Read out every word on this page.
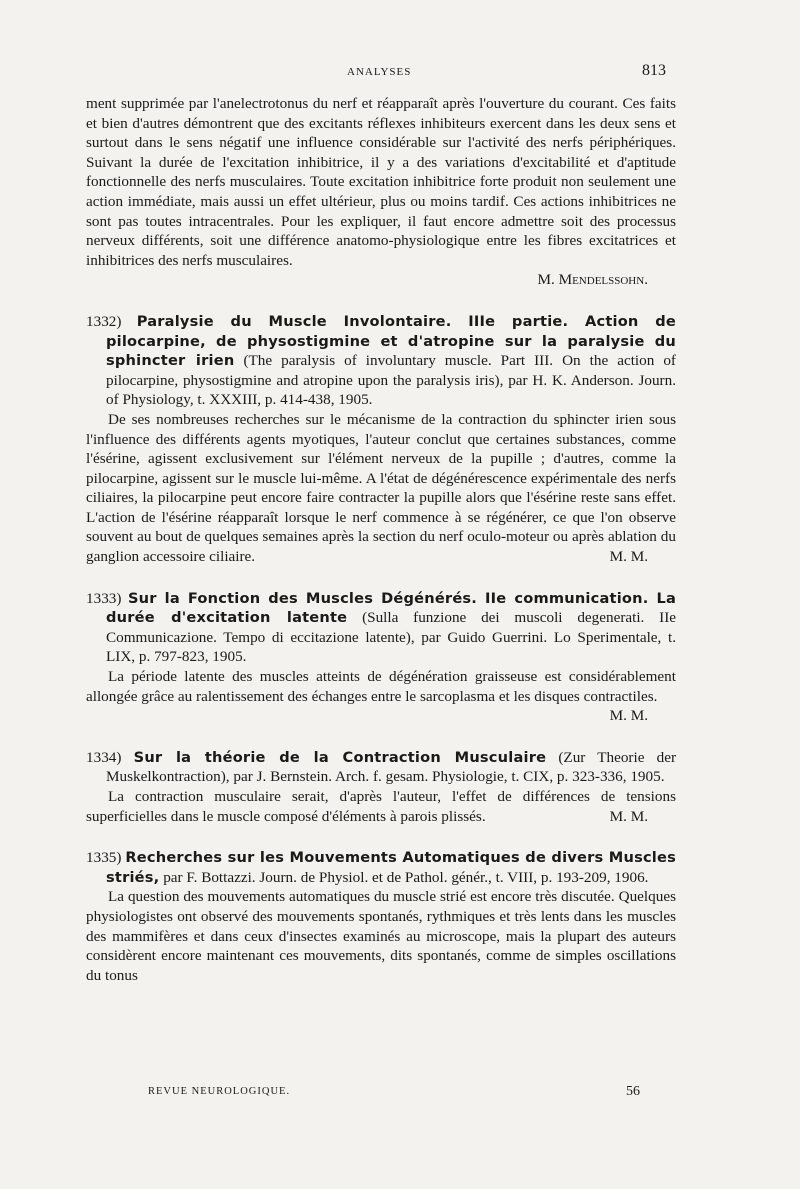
ANALYSES	813

ment supprimée par l'anelectrotonus du nerf et réapparaît après l'ouverture du courant. Ces faits et bien d'autres démontrent que des excitants réflexes inhibiteurs exercent dans les deux sens et surtout dans le sens négatif une influence considérable sur l'activité des nerfs périphériques. Suivant la durée de l'excitation inhibitrice, il y a des variations d'excitabilité et d'aptitude fonctionnelle des nerfs musculaires. Toute excitation inhibitrice forte produit non seulement une action immédiate, mais aussi un effet ultérieur, plus ou moins tardif. Ces actions inhibitrices ne sont pas toutes intracentrales. Pour les expliquer, il faut encore admettre soit des processus nerveux différents, soit une différence anatomo-physiologique entre les fibres excitatrices et inhibitrices des nerfs musculaires.

M. Mendelssohn.

1332) Paralysie du Muscle Involontaire. IIIe partie. Action de pilocarpine, de physostigmine et d'atropine sur la paralysie du sphincter irien (The paralysis of involuntary muscle. Part III. On the action of pilocarpine, physostigmine and atropine upon the paralysis iris), par H. K. Anderson. Journ. of Physiology, t. XXXIII, p. 414-438, 1905.

De ses nombreuses recherches sur le mécanisme de la contraction du sphincter irien sous l'influence des différents agents myotiques, l'auteur conclut que certaines substances, comme l'ésérine, agissent exclusivement sur l'élément nerveux de la pupille ; d'autres, comme la pilocarpine, agissent sur le muscle lui-même. A l'état de dégénérescence expérimentale des nerfs ciliaires, la pilocarpine peut encore faire contracter la pupille alors que l'ésérine reste sans effet. L'action de l'ésérine réapparaît lorsque le nerf commence à se régénérer, ce que l'on observe souvent au bout de quelques semaines après la section du nerf oculo-moteur ou après ablation du ganglion accessoire ciliaire.	M. M.

1333) Sur la Fonction des Muscles Dégénérés. IIe communication. La durée d'excitation latente (Sulla funzione dei muscoli degenerati. IIe Communicazione. Tempo di eccitazione latente), par Guido Guerrini. Lo Sperimentale, t. LIX, p. 797-823, 1905.

La période latente des muscles atteints de dégénération graisseuse est considérablement allongée grâce au ralentissement des échanges entre le sarcoplasma et les disques contractiles.
M. M.

1334) Sur la théorie de la Contraction Musculaire (Zur Theorie der Muskelkontraction), par J. Bernstein. Arch. f. gesam. Physiologie, t. CIX, p. 323-336, 1905.

La contraction musculaire serait, d'après l'auteur, l'effet de différences de tensions superficielles dans le muscle composé d'éléments à parois plissés.	M. M.

1335) Recherches sur les Mouvements Automatiques de divers Muscles striés, par F. Bottazzi. Journ. de Physiol. et de Pathol. génér., t. VIII, p. 193-209, 1906.

La question des mouvements automatiques du muscle strié est encore très discutée. Quelques physiologistes ont observé des mouvements spontanés, rythmiques et très lents dans les muscles des mammifères et dans ceux d'insectes examinés au microscope, mais la plupart des auteurs considèrent encore maintenant ces mouvements, dits spontanés, comme de simples oscillations du tonus

REVUE NEUROLOGIQUE.	56
